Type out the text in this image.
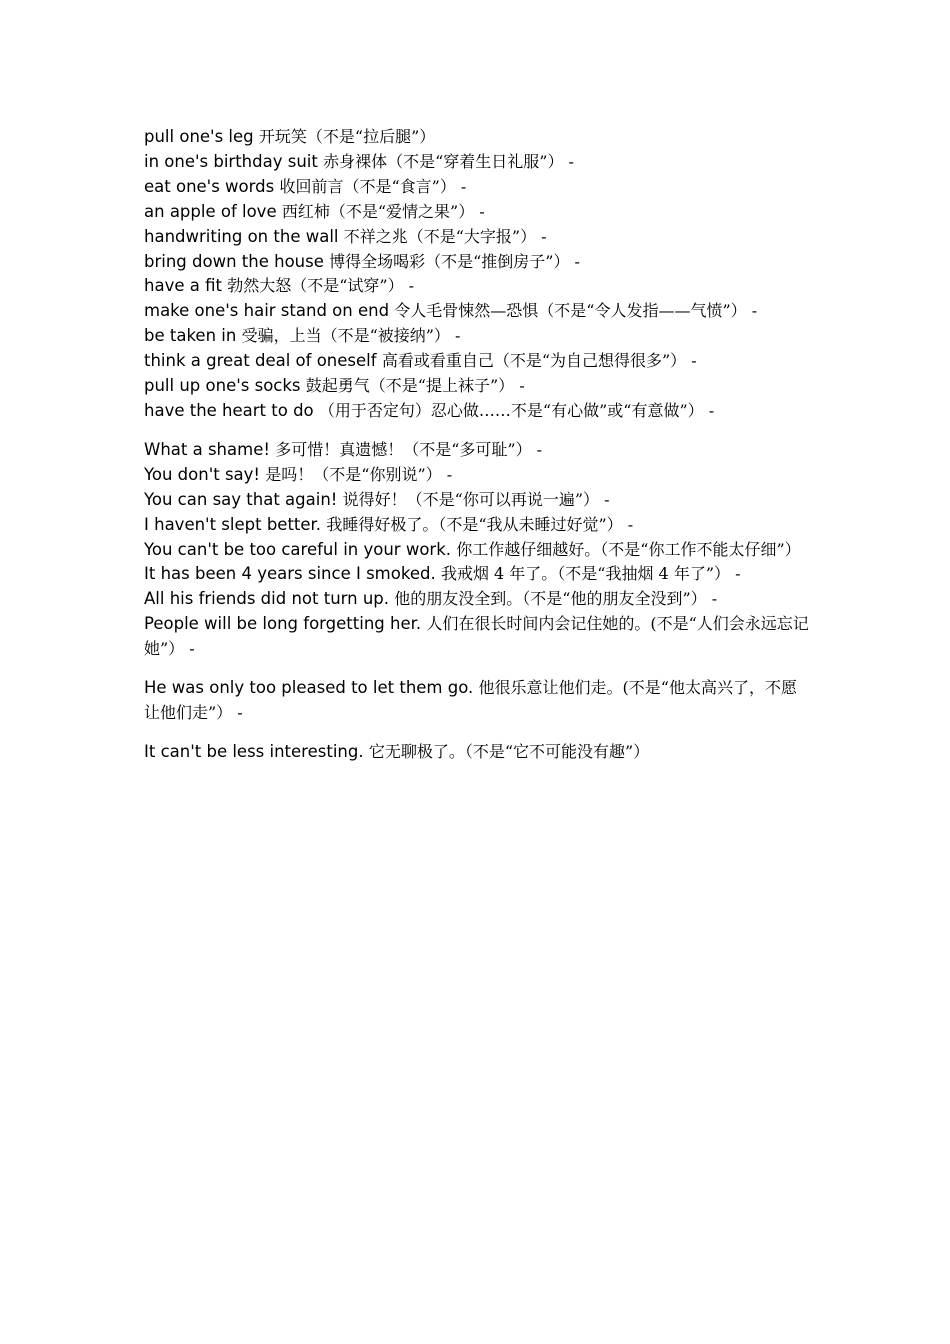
pull one's leg 开玩笑（不是“拉后腿”）

in one's birthday suit 赤身裸体（不是“穿着生日礼服”） -

eat one's words 收回前言（不是“食言”） -

an apple of love 西红柿（不是“爱情之果”） -

handwriting on the wall 不祥之兆（不是“大字报”） -

bring down the house 博得全场喝彩（不是“推倒房子”） -

have a fit 勃然大怒（不是“试穿”） -

make one's hair stand on end 令人毛骨悚然—恐惧（不是“令人发指——气愤”） -

be taken in 受骗，上当（不是“被接纳”） -

think a great deal of oneself 高看或看重自己（不是“为自己想得很多”） -

pull up one's socks 鼓起勇气（不是“提上袜子”） -

have the heart to do （用于否定句）忍心做……不是“有心做”或“有意做”） -

What a shame! 多可惜！真遗憾！（不是“多可耻”） -

You don't say! 是吗！（不是“你别说”） -

You can say that again! 说得好！（不是“你可以再说一遍”） -

I haven't slept better. 我睡得好极了。（不是“我从未睡过好觉”） -

You can't be too careful in your work. 你工作越仔细越好。（不是“你工作不能太仔细”）

It has been 4 years since I smoked. 我戒烟 4 年了。（不是“我抽烟 4 年了”） -

All his friends did not turn up. 他的朋友没全到。（不是“他的朋友全没到”） -

People will be long forgetting her. 人们在很长时间内会记住她的。(不是“人们会永远忘记她”） -

He was only too pleased to let them go. 他很乐意让他们走。(不是“他太高兴了，不愿让他们走”） -

It can't be less interesting. 它无聊极了。（不是“它不可能没有趣”）
